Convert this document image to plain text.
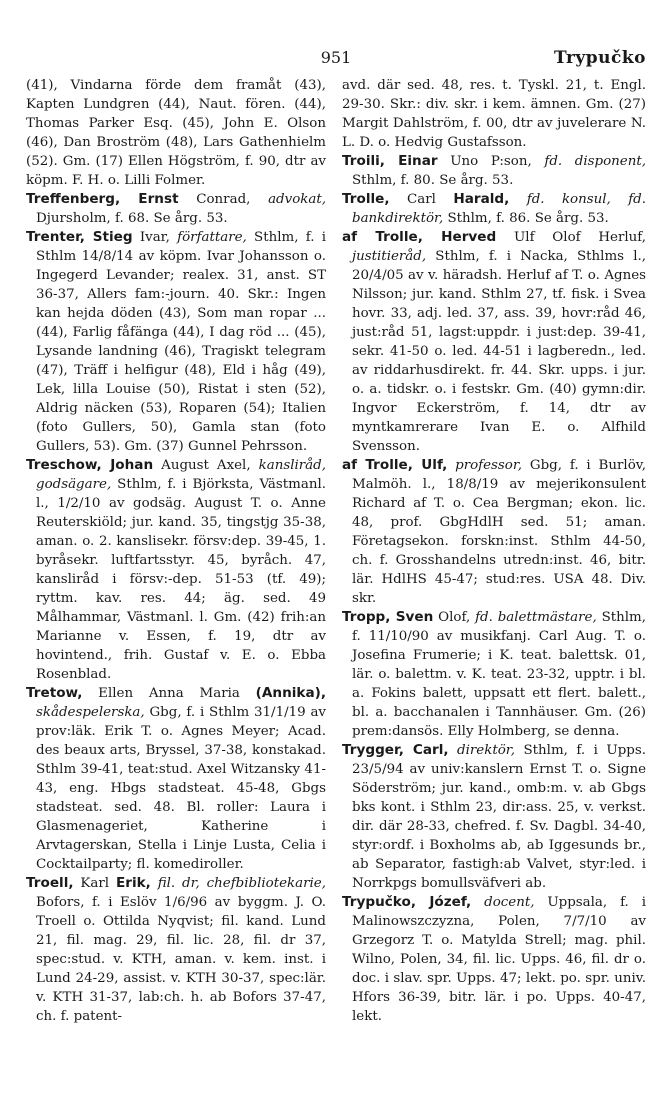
951	Trypučko

(41), Vindarna förde dem framåt (43), Kapten Lundgren (44), Naut. fören. (44), Thomas Parker Esq. (45), John E. Olson (46), Dan Broström (48), Lars Gathenhielm (52). Gm. (17) Ellen Högström, f. 90, dtr av köpm. F. H. o. Lilli Folmer.

Treffenberg, Ernst Conrad, advokat, Djursholm, f. 68. Se årg. 53.

Trenter, Stieg Ivar, författare, Sthlm, f. i Sthlm 14/8/14 av köpm. Ivar Johansson o. Ingegerd Levander; realex. 31, anst. ST 36-37, Allers fam:-journ. 40. Skr.: Ingen kan hejda döden (43), Som man ropar ... (44), Farlig fåfänga (44), I dag röd ... (45), Lysande landning (46), Tragiskt telegram (47), Träff i helfigur (48), Eld i håg (49), Lek, lilla Louise (50), Ristat i sten (52), Aldrig näcken (53), Roparen (54); Italien (foto Gullers, 50), Gamla stan (foto Gullers, 53). Gm. (37) Gunnel Pehrsson.

Treschow, Johan August Axel, kansliråd, godsägare, Sthlm, f. i Björksta, Västmanl. l., 1/2/10 av godsäg. August T. o. Anne Reuterskiöld; jur. kand. 35, tingstjg 35-38, aman. o. 2. kanslisekr. försv:dep. 39-45, 1. byråsekr. luftfartsstyr. 45, byråch. 47, kansliråd i försv:-dep. 51-53 (tf. 49); ryttm. kav. res. 44; äg. sed. 49 Målhammar, Västmanl. l. Gm. (42) frih:an Marianne v. Essen, f. 19, dtr av hovintend., frih. Gustaf v. E. o. Ebba Rosenblad.

Tretow, Ellen Anna Maria (Annika), skådespelerska, Gbg, f. i Sthlm 31/1/19 av prov:läk. Erik T. o. Agnes Meyer; Acad. des beaux arts, Bryssel, 37-38, konstakad. Sthlm 39-41, teat:stud. Axel Witzansky 41-43, eng. Hbgs stadsteat. 45-48, Gbgs stadsteat. sed. 48. Bl. roller: Laura i Glasmenageriet, Katherine i Arvtagerskan, Stella i Linje Lusta, Celia i Cocktailparty; fl. komediroller.

Troell, Karl Erik, fil. dr, chefbibliotekarie, Bofors, f. i Eslöv 1/6/96 av byggm. J. O. Troell o. Ottilda Nyqvist; fil. kand. Lund 21, fil. mag. 29, fil. lic. 28, fil. dr 37, spec:stud. v. KTH, aman. v. kem. inst. i Lund 24-29, assist. v. KTH 30-37, spec:lär. v. KTH 31-37, lab:ch. h. ab Bofors 37-47, ch. f. patent-

avd. där sed. 48, res. t. Tyskl. 21, t. Engl. 29-30. Skr.: div. skr. i kem. ämnen. Gm. (27) Margit Dahlström, f. 00, dtr av juvelerare N. L. D. o. Hedvig Gustafsson.

Troili, Einar Uno P:son, fd. disponent, Sthlm, f. 80. Se årg. 53.

Trolle, Carl Harald, fd. konsul, fd. bankdirektör, Sthlm, f. 86. Se årg. 53.

af Trolle, Herved Ulf Olof Herluf, justitieråd, Sthlm, f. i Nacka, Sthlms l., 20/4/05 av v. häradsh. Herluf af T. o. Agnes Nilsson; jur. kand. Sthlm 27, tf. fisk. i Svea hovr. 33, adj. led. 37, ass. 39, hovr:råd 46, just:råd 51, lagst:uppdr. i just:dep. 39-41, sekr. 41-50 o. led. 44-51 i lagberedn., led. av riddarhusdirekt. fr. 44. Skr. upps. i jur. o. a. tidskr. o. i festskr. Gm. (40) gymn:dir. Ingvor Eckerström, f. 14, dtr av myntkamrerare Ivan E. o. Alfhild Svensson.

af Trolle, Ulf, professor, Gbg, f. i Burlöv, Malmöh. l., 18/8/19 av mejerikonsulent Richard af T. o. Cea Bergman; ekon. lic. 48, prof. GbgHdlH sed. 51; aman. Företagsekon. forskn:inst. Sthlm 44-50, ch. f. Grosshandelns utredn:inst. 46, bitr. lär. HdlHS 45-47; stud:res. USA 48. Div. skr.

Tropp, Sven Olof, fd. balettmästare, Sthlm, f. 11/10/90 av musikfanj. Carl Aug. T. o. Josefina Frumerie; i K. teat. balettsk. 01, lär. o. balettm. v. K. teat. 23-32, upptr. i bl. a. Fokins balett, uppsatt ett flert. balett., bl. a. bacchanalen i Tannhäuser. Gm. (26) prem:dansös. Elly Holmberg, se denna.

Trygger, Carl, direktör, Sthlm, f. i Upps. 23/5/94 av univ:kanslern Ernst T. o. Signe Söderström; jur. kand., omb:m. v. ab Gbgs bks kont. i Sthlm 23, dir:ass. 25, v. verkst. dir. där 28-33, chefred. f. Sv. Dagbl. 34-40, styr:ordf. i Boxholms ab, ab Iggesunds br., ab Separator, fastigh:ab Valvet, styr:led. i Norrkpgs bomullsväfveri ab.

Trypučko, Józef, docent, Uppsala, f. i Malinowszczyzna, Polen, 7/7/10 av Grzegorz T. o. Matylda Strell; mag. phil. Wilno, Polen, 34, fil. lic. Upps. 46, fil. dr o. doc. i slav. spr. Upps. 47; lekt. po. spr. univ. Hfors 36-39, bitr. lär. i po. Upps. 40-47, lekt.
